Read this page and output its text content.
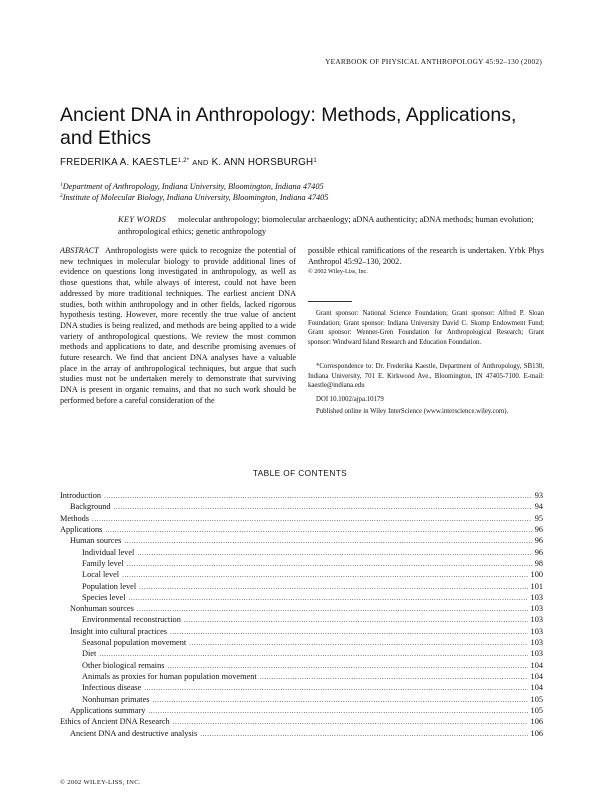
YEARBOOK OF PHYSICAL ANTHROPOLOGY 45:92–130 (2002)
Ancient DNA in Anthropology: Methods, Applications, and Ethics
FREDERIKA A. $KAESTLE^{1,2*}$ AND K. ANN HORSBURGH$^1$
$^1$Department of Anthropology, Indiana University, Bloomington, Indiana 47405
$^2$Institute of Molecular Biology, Indiana University, Bloomington, Indiana 47405
KEY WORDS molecular anthropology; biomolecular archaeology; aDNA authenticity; aDNA methods; human evolution; anthropological ethics; genetic anthropology
ABSTRACT Anthropologists were quick to recognize the potential of new techniques in molecular biology to provide additional lines of evidence on questions long investigated in anthropology, as well as those questions that, while always of interest, could not have been addressed by more traditional techniques. The earliest ancient DNA studies, both within anthropology and in other fields, lacked rigorous hypothesis testing. However, more recently the true value of ancient DNA studies is being realized, and methods are being applied to a wide variety of anthropological questions. We review the most common methods and applications to date, and describe promising avenues of future research. We find that ancient DNA analyses have a valuable place in the array of anthropological techniques, but argue that such studies must not be undertaken merely to demonstrate that surviving DNA is present in organic remains, and that no such work should be performed before a careful consideration of the
possible ethical ramifications of the research is undertaken. Yrbk Phys Anthropol 45:92–130, 2002.
© 2002 Wiley-Liss, Inc.
Grant sponsor: National Science Foundation; Grant sponsor: Alfred P. Sloan Foundation; Grant sponsor: Indiana University David C. Skomp Endowment Fund; Grant sponsor: Wenner-Gren Foundation for Anthropological Research; Grant sponsor: Windward Island Research and Education Foundation.
*Correspondence to: Dr. Frederika Kaestle, Department of Anthropology, SB130, Indiana University, 701 E. Kirkwood Ave., Bloomington, IN 47405-7100. E-mail: kaestle@indiana.edu
DOI 10.1002/ajpa.10179
Published online in Wiley InterScience (www.interscience.wiley.com).
TABLE OF CONTENTS
Introduction .....	93
Background .....	94
Methods .....	95
Applications .....	96
Human sources .....	96
Individual level .....	96
Family level .....	98
Local level .....	100
Population level .....	101
Species level .....	103
Nonhuman sources .....	103
Environmental reconstruction .....	103
Insight into cultural practices .....	103
Seasonal population movement .....	103
Diet .....	103
Other biological remains .....	104
Animals as proxies for human population movement .....	104
Infectious disease .....	104
Nonhuman primates .....	105
Applications summary .....	105
Ethics of Ancient DNA Research .....	106
Ancient DNA and destructive analysis .....	106
© 2002 WILEY-LISS, INC.
